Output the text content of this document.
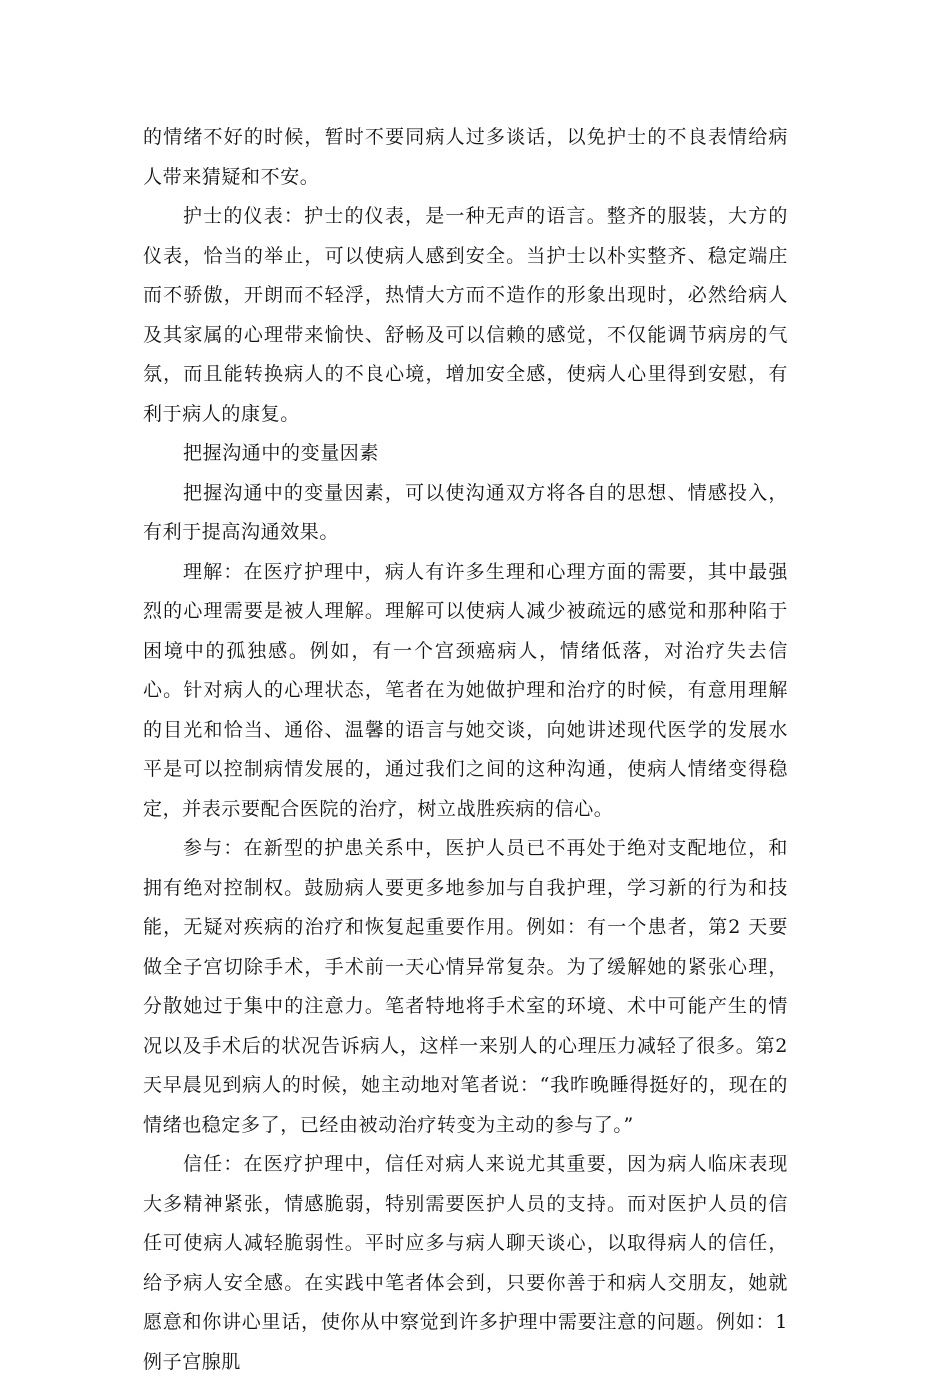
的情绪不好的时候，暂时不要同病人过多谈话，以免护士的不良表情给病人带来猜疑和不安。

护士的仪表：护士的仪表，是一种无声的语言。整齐的服装，大方的仪表，恰当的举止，可以使病人感到安全。当护士以朴实整齐、稳定端庄而不骄傲，开朗而不轻浮，热情大方而不造作的形象出现时，必然给病人及其家属的心理带来愉快、舒畅及可以信赖的感觉，不仅能调节病房的气氛，而且能转换病人的不良心境，增加安全感，使病人心里得到安慰，有利于病人的康复。

把握沟通中的变量因素

把握沟通中的变量因素，可以使沟通双方将各自的思想、情感投入，有利于提高沟通效果。

理解：在医疗护理中，病人有许多生理和心理方面的需要，其中最强烈的心理需要是被人理解。理解可以使病人减少被疏远的感觉和那种陷于困境中的孤独感。例如，有一个宫颈癌病人，情绪低落，对治疗失去信心。针对病人的心理状态，笔者在为她做护理和治疗的时候，有意用理解的目光和恰当、通俗、温馨的语言与她交谈，向她讲述现代医学的发展水平是可以控制病情发展的，通过我们之间的这种沟通，使病人情绪变得稳定，并表示要配合医院的治疗，树立战胜疾病的信心。

参与：在新型的护患关系中，医护人员已不再处于绝对支配地位，和拥有绝对控制权。鼓励病人要更多地参加与自我护理，学习新的行为和技能，无疑对疾病的治疗和恢复起重要作用。例如：有一个患者，第2 天要做全子宫切除手术，手术前一天心情异常复杂。为了缓解她的紧张心理，分散她过于集中的注意力。笔者特地将手术室的环境、术中可能产生的情况以及手术后的状况告诉病人，这样一来别人的心理压力减轻了很多。第2 天早晨见到病人的时候，她主动地对笔者说：“我昨晚睡得挺好的，现在的情绪也稳定多了，已经由被动治疗转变为主动的参与了。”

信任：在医疗护理中，信任对病人来说尤其重要，因为病人临床表现大多精神紧张，情感脆弱，特别需要医护人员的支持。而对医护人员的信任可使病人减轻脆弱性。平时应多与病人聊天谈心，以取得病人的信任，给予病人安全感。在实践中笔者体会到，只要你善于和病人交朋友，她就愿意和你讲心里话，使你从中察觉到许多护理中需要注意的问题。例如：1 例子宫腺肌
